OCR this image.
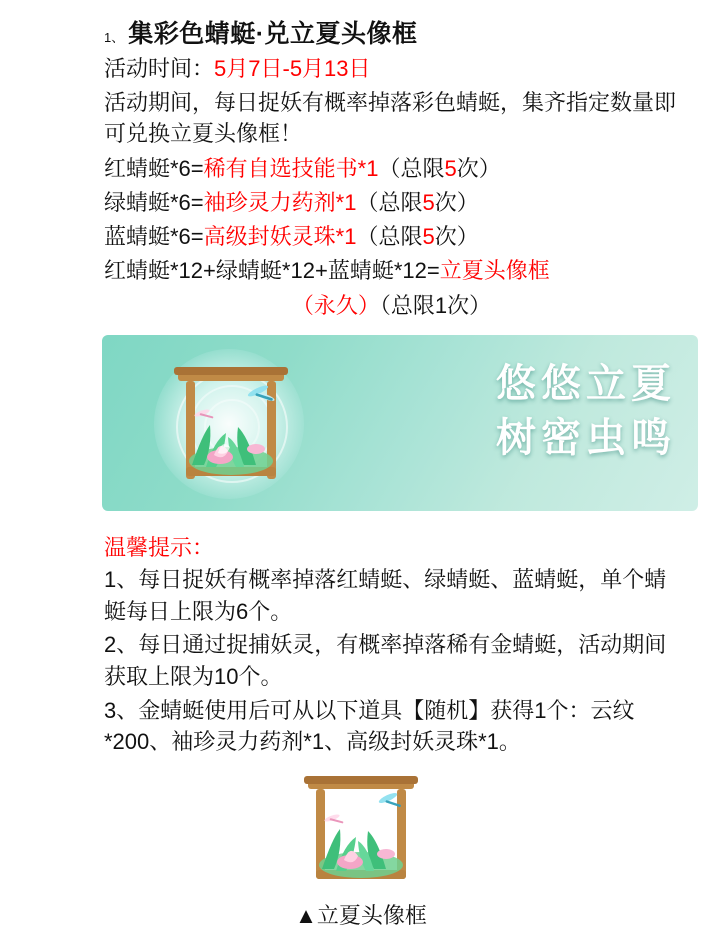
1、 集彩色蜻蜓·兑立夏头像框
活动时间：5月7日-5月13日
活动期间，每日捉妖有概率掉落彩色蜻蜓，集齐指定数量即可兑换立夏头像框！
红蜻蜓*6=稀有自选技能书*1（总限5次）
绿蜻蜓*6=袖珍灵力药剂*1（总限5次）
蓝蜻蜓*6=高级封妖灵珠*1（总限5次）
红蜻蜓*12+绿蜻蜓*12+蓝蜻蜓*12=立夏头像框
（永久）（总限1次）
悠悠立夏
树密虫鸣
温馨提示：
1、每日捉妖有概率掉落红蜻蜓、绿蜻蜓、蓝蜻蜓，单个蜻蜓每日上限为6个。
2、每日通过捉捕妖灵，有概率掉落稀有金蜻蜓，活动期间获取上限为10个。
3、金蜻蜓使用后可从以下道具【随机】获得1个：云纹*200、袖珍灵力药剂*1、高级封妖灵珠*1。
▲立夏头像框
